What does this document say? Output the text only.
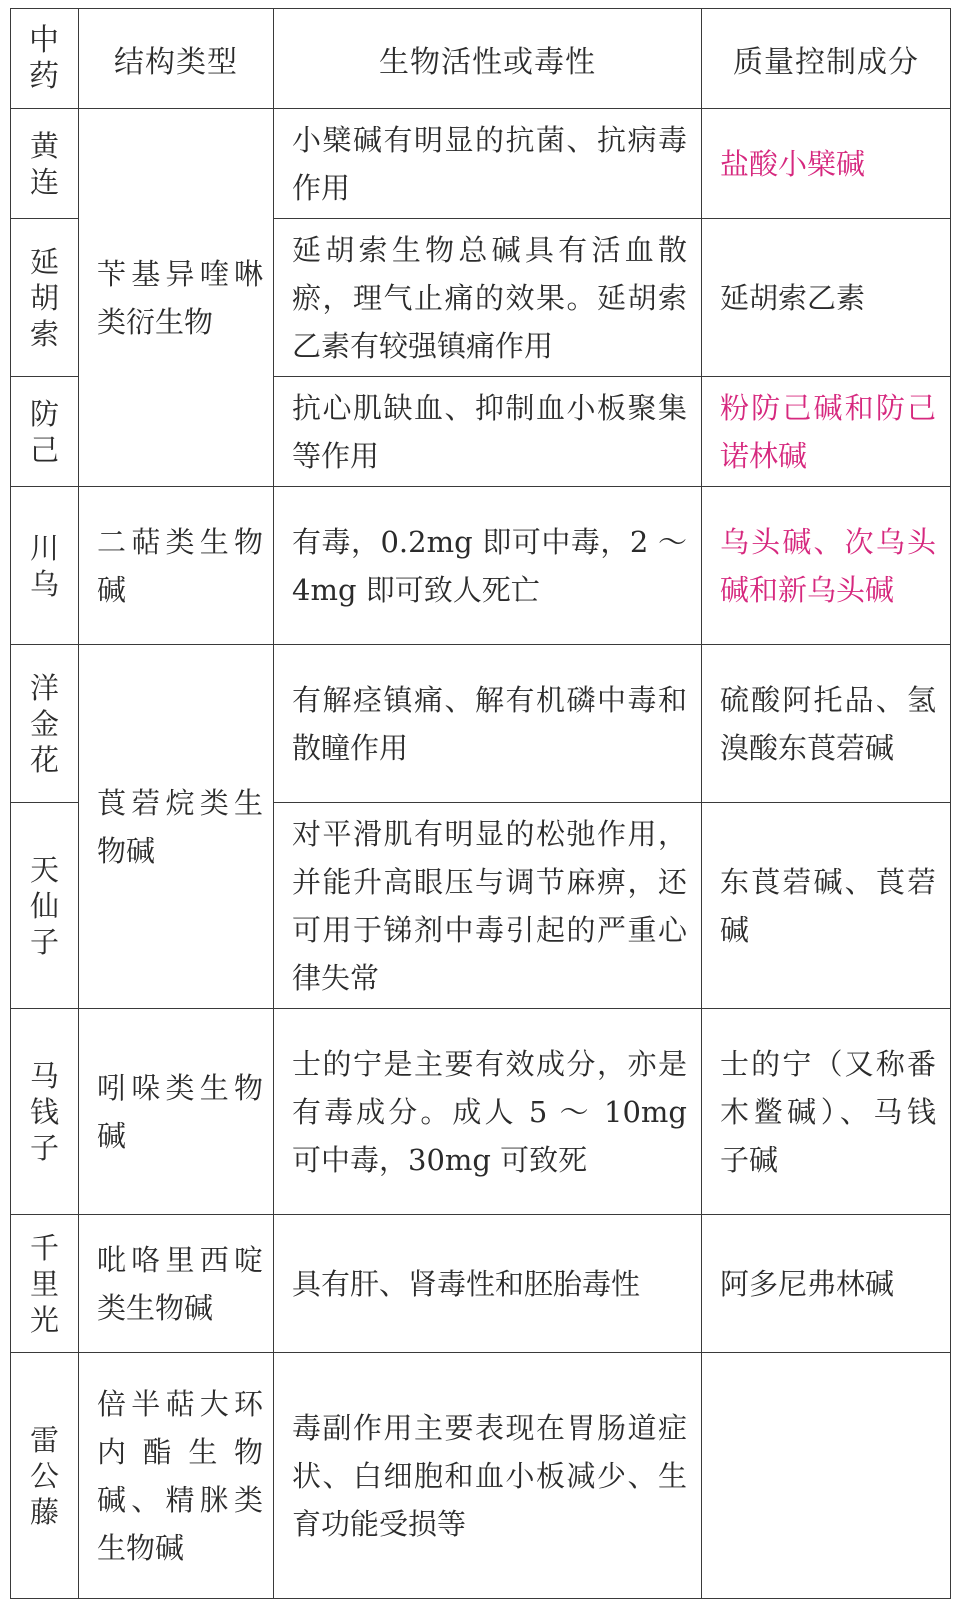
中药	结构类型	生物活性或毒性	质量控制成分
黄连	苄基异喹啉类衍生物	小檗碱有明显的抗菌、抗病毒作用	盐酸小檗碱
延胡索		延胡索生物总碱具有活血散瘀，理气止痛的效果。延胡索乙素有较强镇痛作用	延胡索乙素
防己		抗心肌缺血、抑制血小板聚集等作用	粉防己碱和防己诺林碱
川乌	二萜类生物碱	有毒，0.2mg 即可中毒，2 ～ 4mg 即可致人死亡	乌头碱、次乌头碱和新乌头碱
洋金花	莨菪烷类生物碱	有解痉镇痛、解有机磷中毒和散瞳作用	硫酸阿托品、氢溴酸东莨菪碱
天仙子		对平滑肌有明显的松弛作用，并能升高眼压与调节麻痹，还可用于锑剂中毒引起的严重心律失常	东莨菪碱、莨菪碱
马钱子	吲哚类生物碱	士的宁是主要有效成分，亦是有毒成分。成人 5 ～ 10mg 可中毒，30mg 可致死	士的宁（又称番木鳖碱）、马钱子碱
千里光	吡咯里西啶类生物碱	具有肝、肾毒性和胚胎毒性	阿多尼弗林碱
雷公藤	倍半萜大环内酯生物碱、精脒类生物碱	毒副作用主要表现在胃肠道症状、白细胞和血小板减少、生育功能受损等	
